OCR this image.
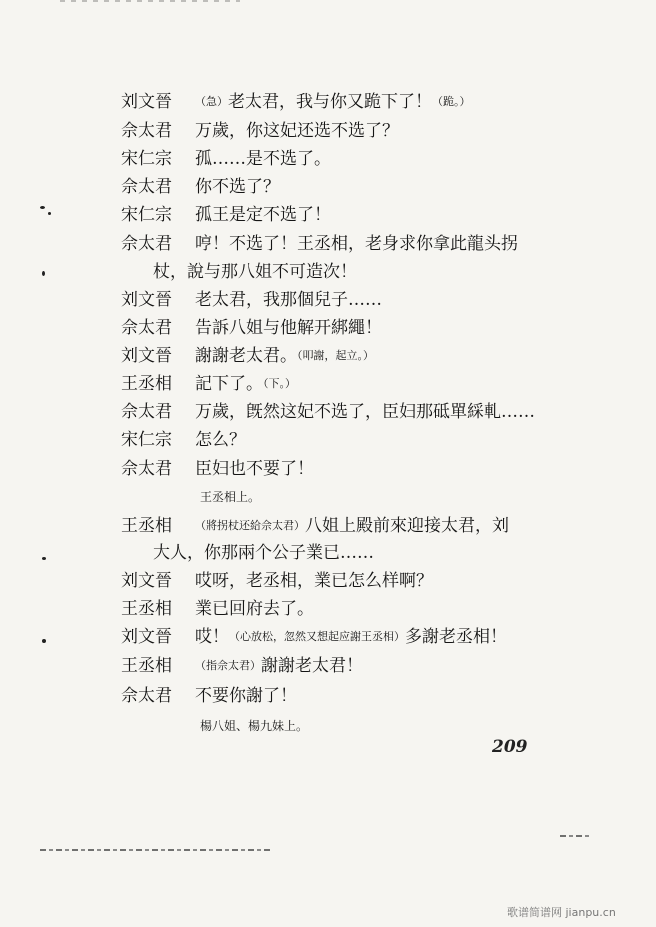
刘文晉	（急）老太君，我与你又跪下了！（跪。）
佘太君	万歲，你这妃还选不选了？
宋仁宗	孤……是不选了。
佘太君	你不选了？
宋仁宗	孤王是定不选了！
佘太君	哼！不选了！王丞相，老身求你拿此龍头拐
杖，說与那八姐不可造次！
刘文晉	老太君，我那個兒子……
佘太君	告訴八姐与他解开綁繩！
刘文晉	謝謝老太君。（叩謝，起立。）
王丞相	記下了。（下。）
佘太君	万歲，旣然这妃不选了，臣妇那砥單綵軋……
宋仁宗	怎么？
佘太君	臣妇也不要了！
王丞相上。
王丞相	（將拐杖还給佘太君）八姐上殿前來迎接太君，刘
大人，你那兩个公子業已……
刘文晉	哎呀，老丞相，業已怎么样啊？
王丞相	業已回府去了。
刘文晉	哎！（心放松，忽然又想起应謝王丞相）多謝老丞相！
王丞相	（指佘太君）謝謝老太君！
佘太君	不要你謝了！
楊八姐、楊九妹上。
209
歌谱简谱网 jianpu.cn
